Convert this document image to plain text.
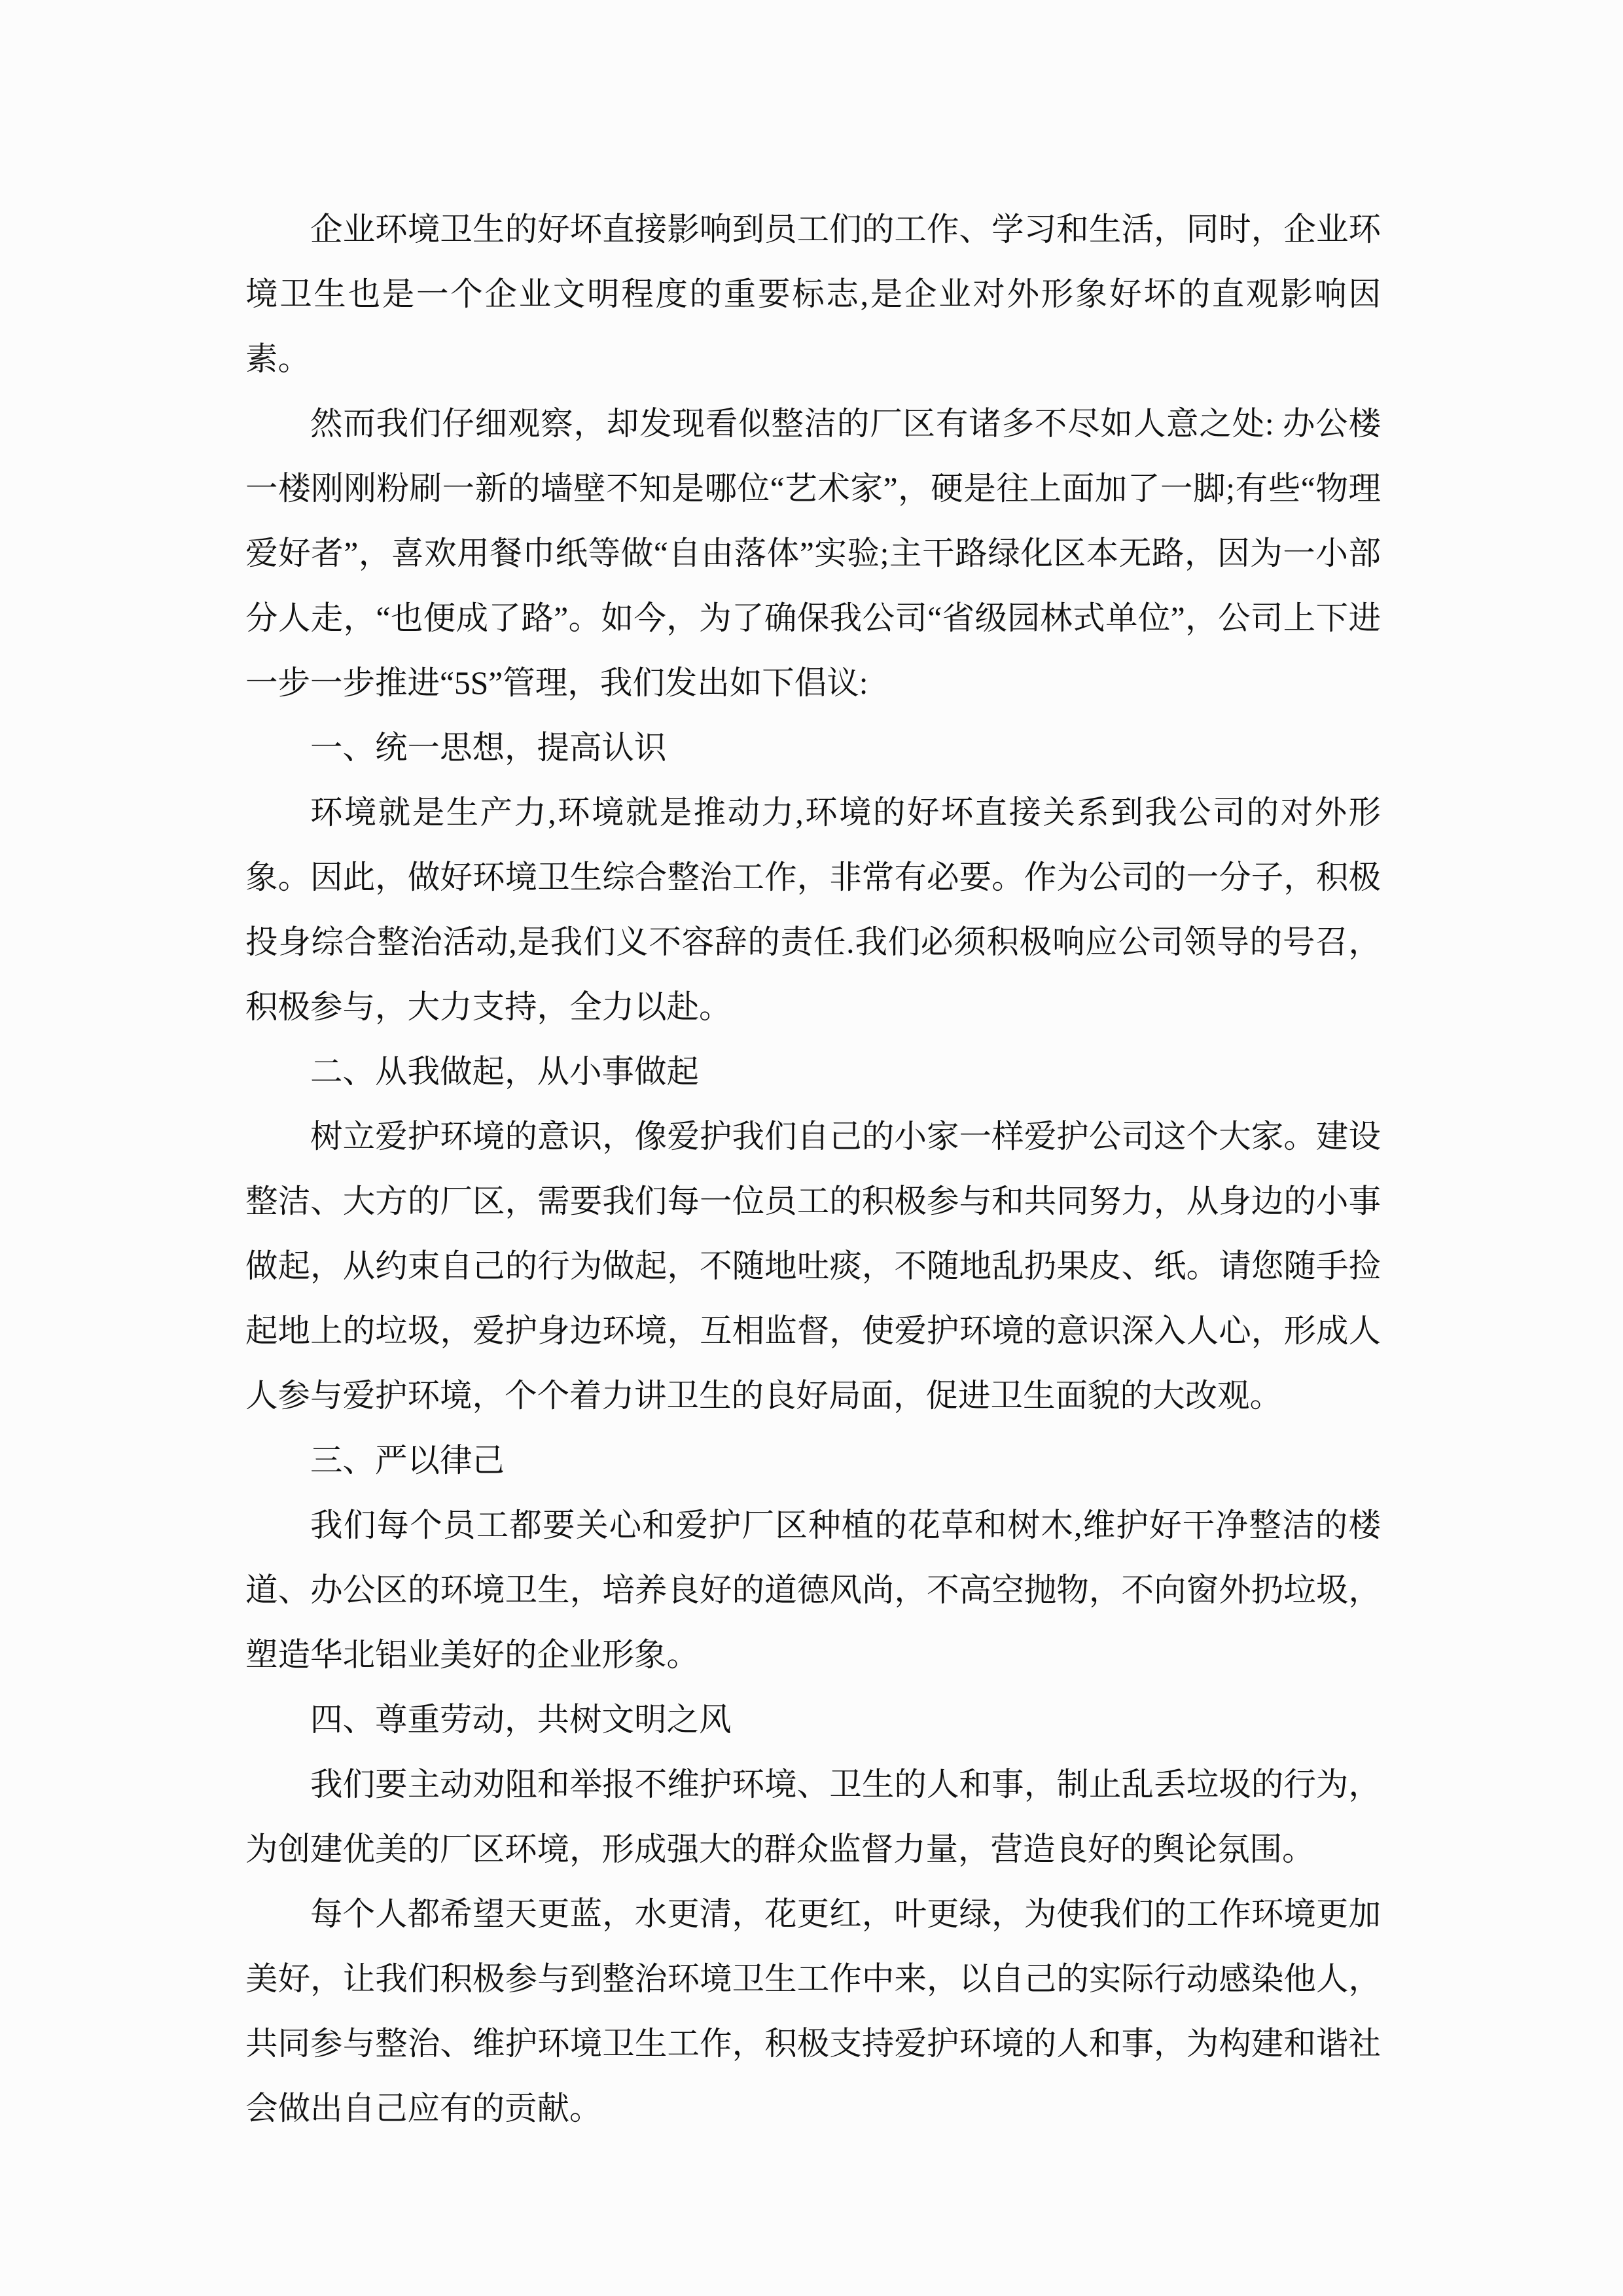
企业环境卫生的好坏直接影响到员工们的工作、学习和生活，同时，企业环境卫生也是一个企业文明程度的重要标志,是企业对外形象好坏的直观影响因素。

然而我们仔细观察，却发现看似整洁的厂区有诸多不尽如人意之处: 办公楼一楼刚刚粉刷一新的墙壁不知是哪位“艺术家”，硬是往上面加了一脚;有些“物理爱好者”，喜欢用餐巾纸等做“自由落体”实验;主干路绿化区本无路，因为一小部分人走，“也便成了路”。如今，为了确保我公司“省级园林式单位”，公司上下进一步一步推进“5S”管理，我们发出如下倡议:

一、统一思想，提高认识

环境就是生产力,环境就是推动力,环境的好坏直接关系到我公司的对外形象。因此，做好环境卫生综合整治工作，非常有必要。作为公司的一分子，积极投身综合整治活动,是我们义不容辞的责任.我们必须积极响应公司领导的号召，积极参与，大力支持，全力以赴。

二、从我做起，从小事做起

树立爱护环境的意识，像爱护我们自己的小家一样爱护公司这个大家。建设整洁、大方的厂区，需要我们每一位员工的积极参与和共同努力，从身边的小事做起，从约束自己的行为做起，不随地吐痰，不随地乱扔果皮、纸。请您随手捡起地上的垃圾，爱护身边环境，互相监督，使爱护环境的意识深入人心，形成人人参与爱护环境，个个着力讲卫生的良好局面，促进卫生面貌的大改观。

三、严以律己

我们每个员工都要关心和爱护厂区种植的花草和树木,维护好干净整洁的楼道、办公区的环境卫生，培养良好的道德风尚，不高空抛物，不向窗外扔垃圾，塑造华北铝业美好的企业形象。

四、尊重劳动，共树文明之风

我们要主动劝阻和举报不维护环境、卫生的人和事，制止乱丢垃圾的行为，为创建优美的厂区环境，形成强大的群众监督力量，营造良好的舆论氛围。

每个人都希望天更蓝，水更清，花更红，叶更绿，为使我们的工作环境更加美好，让我们积极参与到整治环境卫生工作中来，以自己的实际行动感染他人，共同参与整治、维护环境卫生工作，积极支持爱护环境的人和事，为构建和谐社会做出自己应有的贡献。
